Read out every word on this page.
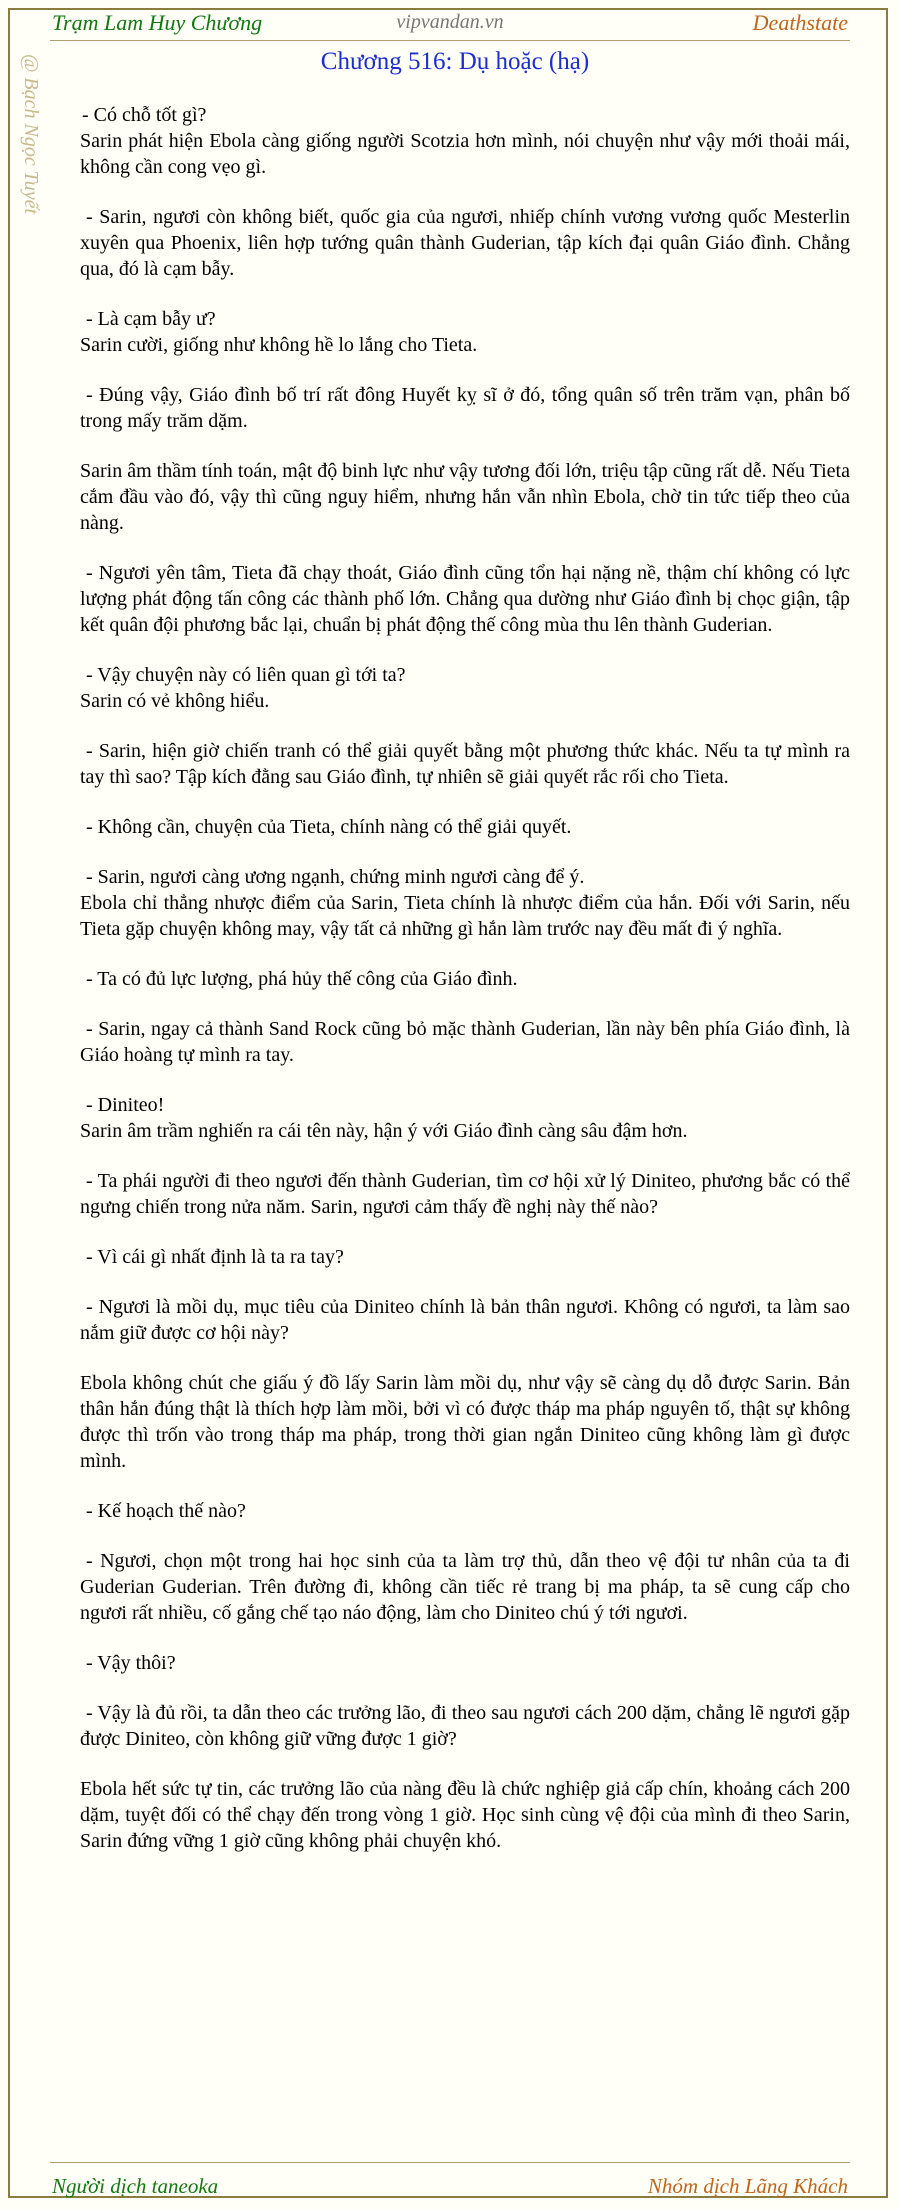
Trạm Lam Huy Chương	vipvandan.vn	Deathstate
@ Bạch Ngọc Tuyết	Chương 516: Dụ hoặc (hạ)

- Có chỗ tốt gì?

Sarin phát hiện Ebola càng giống người Scotzia hơn mình, nói chuyện như vậy mới thoải mái, không cần cong vẹo gì.

- Sarin, ngươi còn không biết, quốc gia của ngươi, nhiếp chính vương vương quốc Mesterlin xuyên qua Phoenix, liên hợp tướng quân thành Guderian, tập kích đại quân Giáo đình. Chẳng qua, đó là cạm bẫy.

- Là cạm bẫy ư?

Sarin cười, giống như không hề lo lắng cho Tieta.

- Đúng vậy, Giáo đình bố trí rất đông Huyết kỵ sĩ ở đó, tổng quân số trên trăm vạn, phân bố trong mấy trăm dặm.

Sarin âm thầm tính toán, mật độ binh lực như vậy tương đối lớn, triệu tập cũng rất dễ. Nếu Tieta cắm đầu vào đó, vậy thì cũng nguy hiểm, nhưng hắn vẫn nhìn Ebola, chờ tin tức tiếp theo của nàng.

- Ngươi yên tâm, Tieta đã chạy thoát, Giáo đình cũng tổn hại nặng nề, thậm chí không có lực lượng phát động tấn công các thành phố lớn. Chẳng qua dường như Giáo đình bị chọc giận, tập kết quân đội phương bắc lại, chuẩn bị phát động thế công mùa thu lên thành Guderian.

- Vậy chuyện này có liên quan gì tới ta?

Sarin có vẻ không hiểu.

- Sarin, hiện giờ chiến tranh có thể giải quyết bằng một phương thức khác. Nếu ta tự mình ra tay thì sao? Tập kích đằng sau Giáo đình, tự nhiên sẽ giải quyết rắc rối cho Tieta.

- Không cần, chuyện của Tieta, chính nàng có thể giải quyết.

- Sarin, ngươi càng ương ngạnh, chứng minh ngươi càng để ý.

Ebola chỉ thẳng nhược điểm của Sarin, Tieta chính là nhược điểm của hắn. Đối với Sarin, nếu Tieta gặp chuyện không may, vậy tất cả những gì hắn làm trước nay đều mất đi ý nghĩa.

- Ta có đủ lực lượng, phá hủy thế công của Giáo đình.

- Sarin, ngay cả thành Sand Rock cũng bỏ mặc thành Guderian, lần này bên phía Giáo đình, là Giáo hoàng tự mình ra tay.

- Diniteo!

Sarin âm trầm nghiến ra cái tên này, hận ý với Giáo đình càng sâu đậm hơn.

- Ta phái người đi theo ngươi đến thành Guderian, tìm cơ hội xử lý Diniteo, phương bắc có thể ngưng chiến trong nửa năm. Sarin, ngươi cảm thấy đề nghị này thế nào?

- Vì cái gì nhất định là ta ra tay?

- Ngươi là mồi dụ, mục tiêu của Diniteo chính là bản thân ngươi. Không có ngươi, ta làm sao nắm giữ được cơ hội này?

Ebola không chút che giấu ý đồ lấy Sarin làm mồi dụ, như vậy sẽ càng dụ dỗ được Sarin. Bản thân hắn đúng thật là thích hợp làm mồi, bởi vì có được tháp ma pháp nguyên tố, thật sự không được thì trốn vào trong tháp ma pháp, trong thời gian ngắn Diniteo cũng không làm gì được mình.

- Kế hoạch thế nào?

- Ngươi, chọn một trong hai học sinh của ta làm trợ thủ, dẫn theo vệ đội tư nhân của ta đi Guderian Guderian. Trên đường đi, không cần tiếc rẻ trang bị ma pháp, ta sẽ cung cấp cho ngươi rất nhiều, cố gắng chế tạo náo động, làm cho Diniteo chú ý tới ngươi.

- Vậy thôi?

- Vậy là đủ rồi, ta dẫn theo các trưởng lão, đi theo sau ngươi cách 200 dặm, chẳng lẽ ngươi gặp được Diniteo, còn không giữ vững được 1 giờ?

Ebola hết sức tự tin, các trưởng lão của nàng đều là chức nghiệp giả cấp chín, khoảng cách 200 dặm, tuyệt đối có thể chạy đến trong vòng 1 giờ. Học sinh cùng vệ đội của mình đi theo Sarin, Sarin đứng vững 1 giờ cũng không phải chuyện khó.

Người dịch taneoka	Nhóm dịch Lãng Khách
